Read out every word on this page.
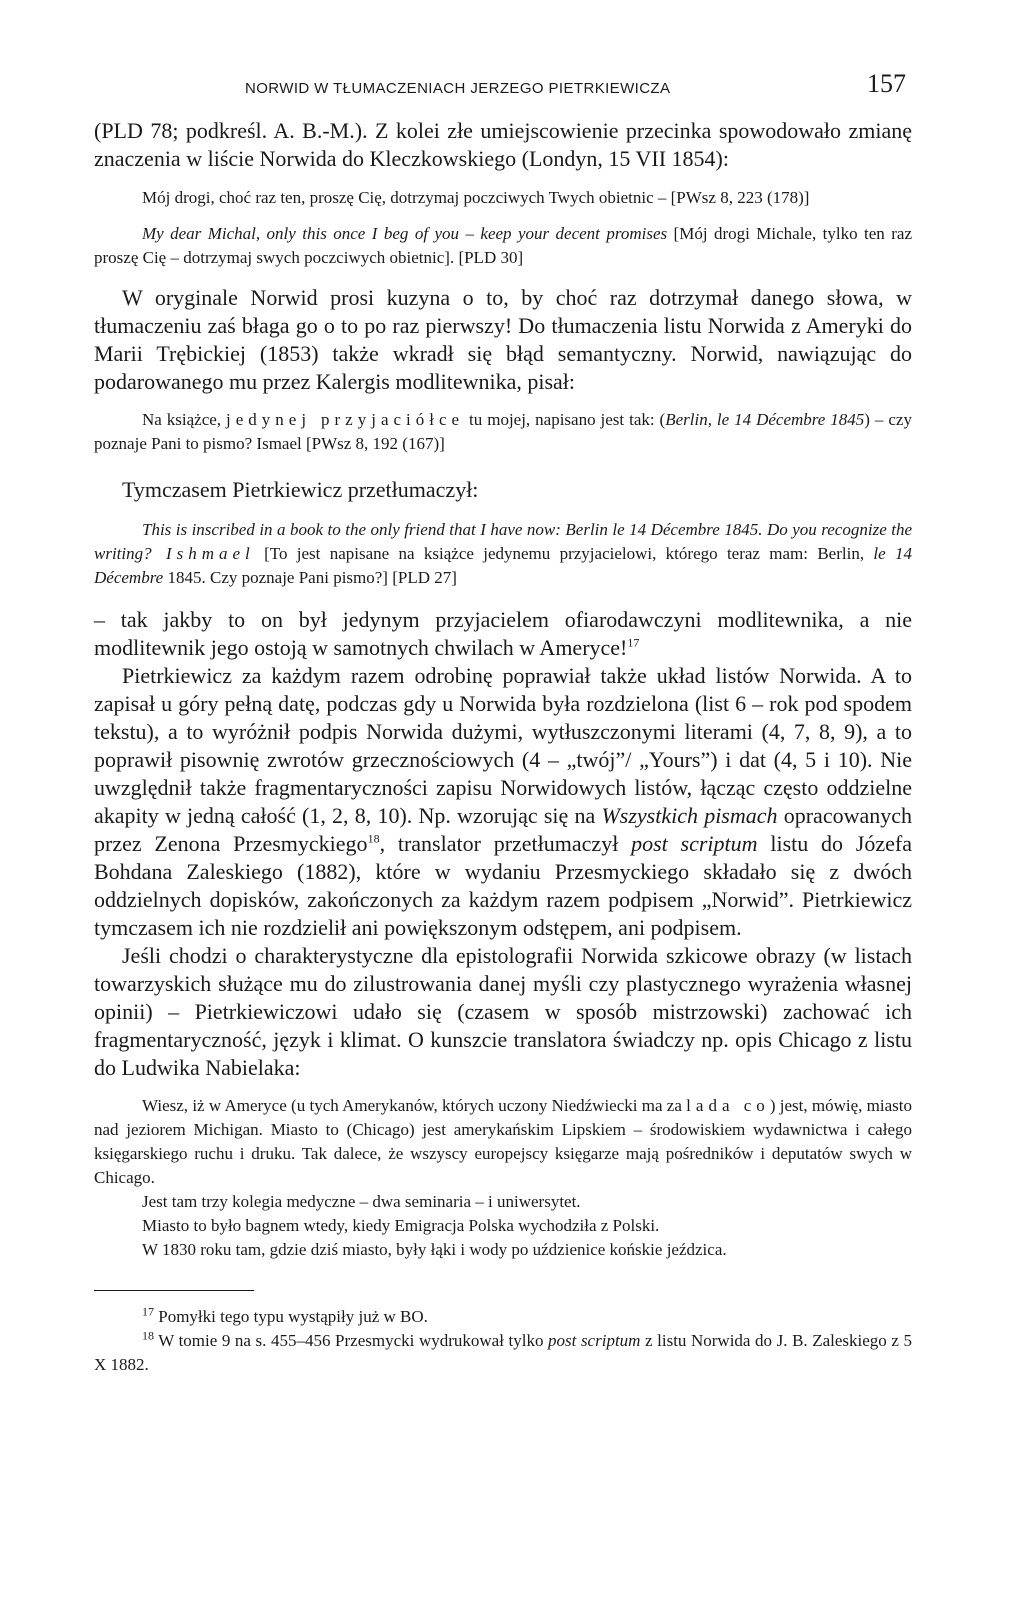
NORWID W TŁUMACZENIACH JERZEGO PIETRKIEWICZA	157

(PLD 78; podkreśl. A. B.-M.). Z kolei złe umiejscowienie przecinka spowodowało zmianę znaczenia w liście Norwida do Kleczkowskiego (Londyn, 15 VII 1854):

Mój drogi, choć raz ten, proszę Cię, dotrzymaj poczciwych Twych obietnic – [PWsz 8, 223 (178)]

My dear Michal, only this once I beg of you – keep your decent promises [Mój drogi Michale, tylko ten raz proszę Cię – dotrzymaj swych poczciwych obietnic]. [PLD 30]

W oryginale Norwid prosi kuzyna o to, by choć raz dotrzymał danego słowa, w tłumaczeniu zaś błaga go o to po raz pierwszy! Do tłumaczenia listu Norwida z Ameryki do Marii Trębickiej (1853) także wkradł się błąd semantyczny. Norwid, nawiązując do podarowanego mu przez Kalergis modlitewnika, pisał:

Na książce, jedynej przyjaciółce tu mojej, napisano jest tak: (Berlin, le 14 Décembre 1845) – czy poznaje Pani to pismo? Ismael [PWsz 8, 192 (167)]

Tymczasem Pietrkiewicz przetłumaczył:

This is inscribed in a book to the only friend that I have now: Berlin le 14 Décembre 1845. Do you recognize the writing? Ishmael [To jest napisane na książce jedynemu przyjacielowi, którego teraz mam: Berlin, le 14 Décembre 1845. Czy poznaje Pani pismo?] [PLD 27]

– tak jakby to on był jedynym przyjacielem ofiarodawczyni modlitewnika, a nie modlitewnik jego ostoją w samotnych chwilach w Ameryce!$^{17}$

Pietrkiewicz za każdym razem odrobinę poprawiał także układ listów Norwida. A to zapisał u góry pełną datę, podczas gdy u Norwida była rozdzielona (list 6 – rok pod spodem tekstu), a to wyróżnił podpis Norwida dużymi, wytłuszczonymi literami (4, 7, 8, 9), a to poprawił pisownię zwrotów grzecznościowych (4 – „twój”/ „Yours”) i dat (4, 5 i 10). Nie uwzględnił także fragmentaryczności zapisu Norwidowych listów, łącząc często oddzielne akapity w jedną całość (1, 2, 8, 10). Np. wzorując się na Wszystkich pismach opracowanych przez Zenona Przesmyckiego$^{18}$, translator przetłumaczył post scriptum listu do Józefa Bohdana Zaleskiego (1882), które w wydaniu Przesmyckiego składało się z dwóch oddzielnych dopisków, zakończonych za każdym razem podpisem „Norwid”. Pietrkiewicz tymczasem ich nie rozdzielił ani powiększonym odstępem, ani podpisem.

Jeśli chodzi o charakterystyczne dla epistolografii Norwida szkicowe obrazy (w listach towarzyskich służące mu do zilustrowania danej myśli czy plastycznego wyrażenia własnej opinii) – Pietrkiewiczowi udało się (czasem w sposób mistrzowski) zachować ich fragmentaryczność, język i klimat. O kunszcie translatora świadczy np. opis Chicago z listu do Ludwika Nabielaka:

Wiesz, iż w Ameryce (u tych Amerykanów, których uczony Niedźwiecki ma za lada co) jest, mówię, miasto nad jeziorem Michigan. Miasto to (Chicago) jest amerykańskim Lipskiem – środowiskiem wydawnictwa i całego księgarskiego ruchu i druku. Tak dalece, że wszyscy europejscy księgarze mają pośredników i deputatów swych w Chicago.

Jest tam trzy kolegia medyczne – dwa seminaria – i uniwersytet.

Miasto to było bagnem wtedy, kiedy Emigracja Polska wychodziła z Polski.

W 1830 roku tam, gdzie dziś miasto, były łąki i wody po uździenice końskie jeździca.

$^{17}$ Pomyłki tego typu wystąpiły już w BO.

$^{18}$ W tomie 9 na s. 455–456 Przesmycki wydrukował tylko post scriptum z listu Norwida do J. B. Zaleskiego z 5 X 1882.
